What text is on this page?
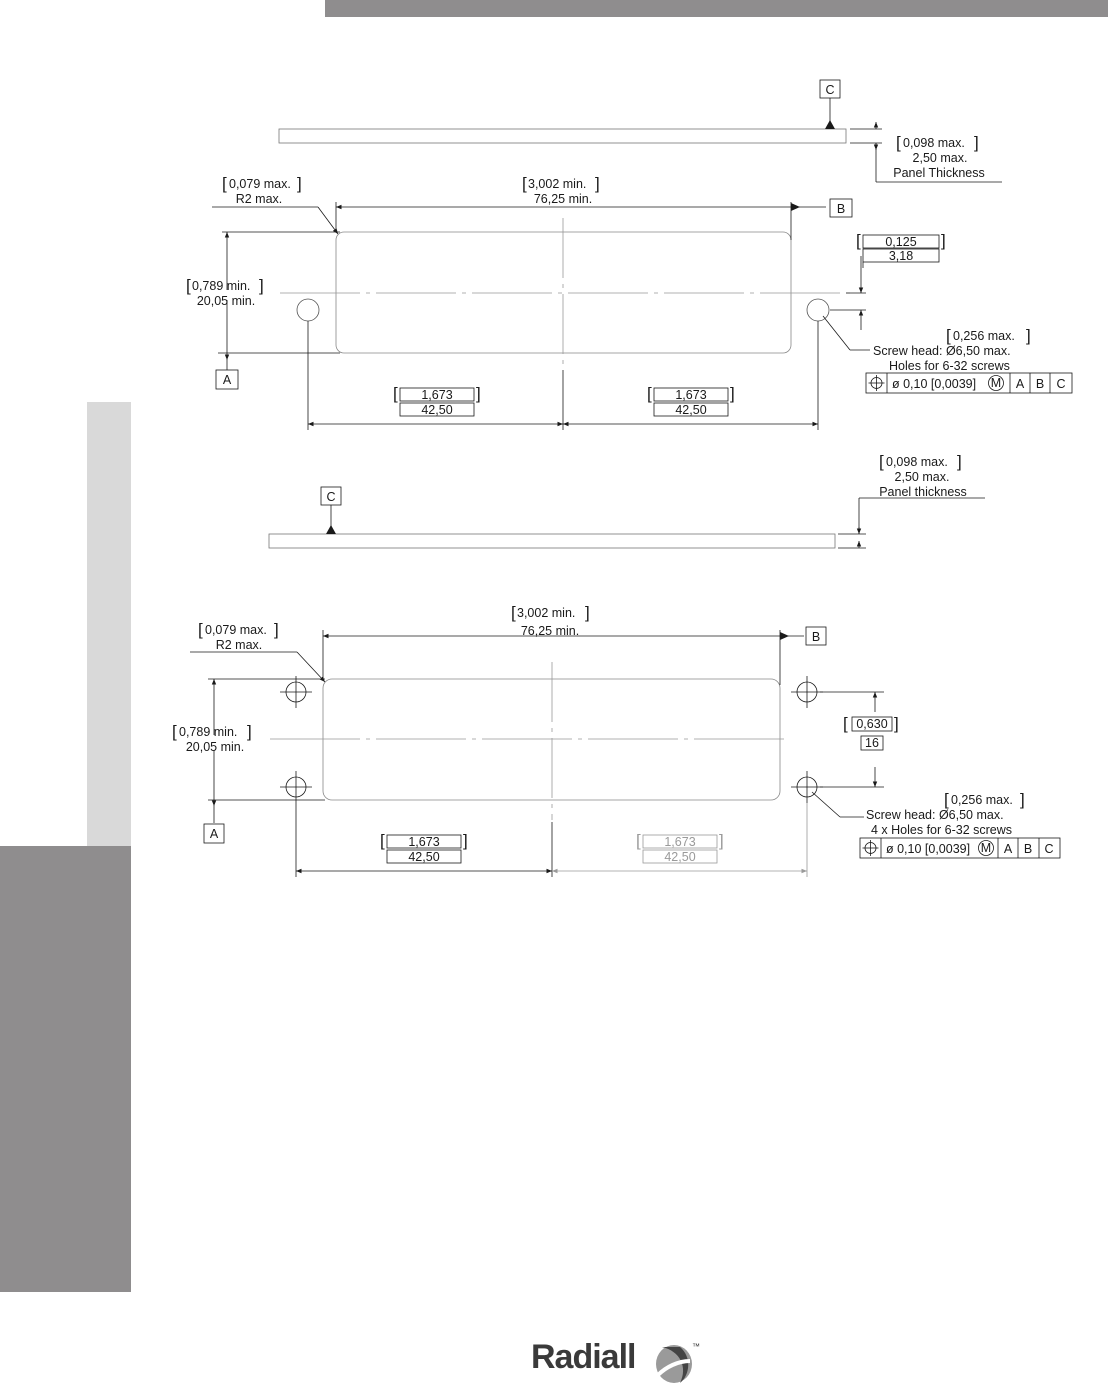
C
[ 0,098 max. ]
2,50 max.
Panel Thickness
[ 0,079 max. ]
R2 max.
[ 3,002 min. ]
76,25 min.
B
[ 0,789 min. ]
20,05 min.
A
[ 0,125 ]
3,18
[ 0,256 max. ]
Screw head: Ø6,50 max.
Holes for 6-32 screws
ø 0,10 [0,0039] M A B C
[ 1,673 ]
42,50
[ 1,673 ]
42,50
C
[ 0,098 max. ]
2,50 max.
Panel thickness
[ 0,079 max. ]
R2 max.
[ 3,002 min. ]
76,25 min.	B
[ 0,789 min. ]
20,05 min.
A
[ 0,630 ]
16
[ 0,256 max. ]
Screw head: Ø6,50 max.
4 x Holes for 6-32 screws
ø 0,10 [0,0039] M A B C
[ 1,673 ]
42,50
[ 1,673 ]
42,50
Radiall	™
